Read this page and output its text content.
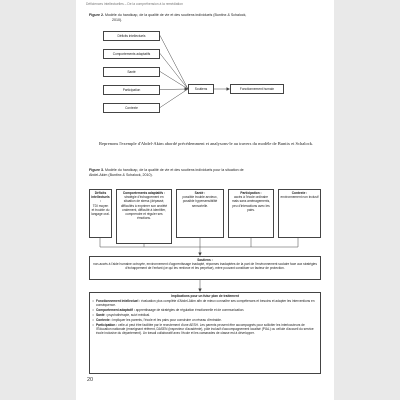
Déficiences intellectuelles – De la compréhension à la remédiation
Figure 2. Modèle du handicap, de la qualité de vie et des soutiens individuels (Buntinx & Schalock,
2010).
Déficits intellectuels
Comportements adaptatifs
Santé
Participation
Contexte
Soutiens	Fonctionnement humain
Reprenons l'exemple d'Abdel-Akim abordé précédemment et analysons-le au travers du modèle de Buntix et Schalock.
Figure 3. Modèle du handicap, de la qualité de vie et des soutiens individuels pour la situation de
Abdel-Akim (Buntinx & Schalock, 2010).
Déficits intellectuels :
TDI moyen et trouble du langage oral.
Comportements adaptatifs :
stratégie d'échappement en situation de stress (dépassé, difficultés à exprimer son anxiété oralement, difficulté à identifier, comprendre et réguler ses émotions.
Santé :
possible trouble anxieux, possible hypersensibilité sensorielle.
Participation :
accès à l'école ordinaire mais sans aménagements, peu d'interactions avec les pairs.
Contexte :
environnement non inclusif
Soutiens :
non-accès à l'aide humaine octroyée, environnement d'apprentissage inadapté, réponses inadaptées de la part de l'environnement scolaire face aux stratégies d'échappement de l'enfant (ce qui les renforce et les perpétue), mère pouvant constituer un facteur de protection.
Implications pour un futur plan de traitement
• Fonctionnement intellectuel : évaluation plus complète d'Abdel-Akim afin de mieux connaître ses compétences et besoins et adapter les interventions en conséquence.
• Comportement adaptatif : apprentissage de stratégies de régulation émotionnelle et de communication.
• Santé : psychothérapie, suivi médical.
• Contexte : impliquer les parents, l'école et les pairs pour construire un réseau d'entraide.
• Participation : celle-ci peut être facilitée par le recrutement d'une AESH. Les parents peuvent être accompagnés pour solliciter les interlocuteurs de l'Éducation nationale (enseignant référent, DASEN (inspecteur d'académie), pôle inclusif d'accompagnement localisé (PIAL) ou cellule d'accueil du service école inclusive du département). Un travail collaboratif avec l'école et les camarades de classe est à développer.
20
